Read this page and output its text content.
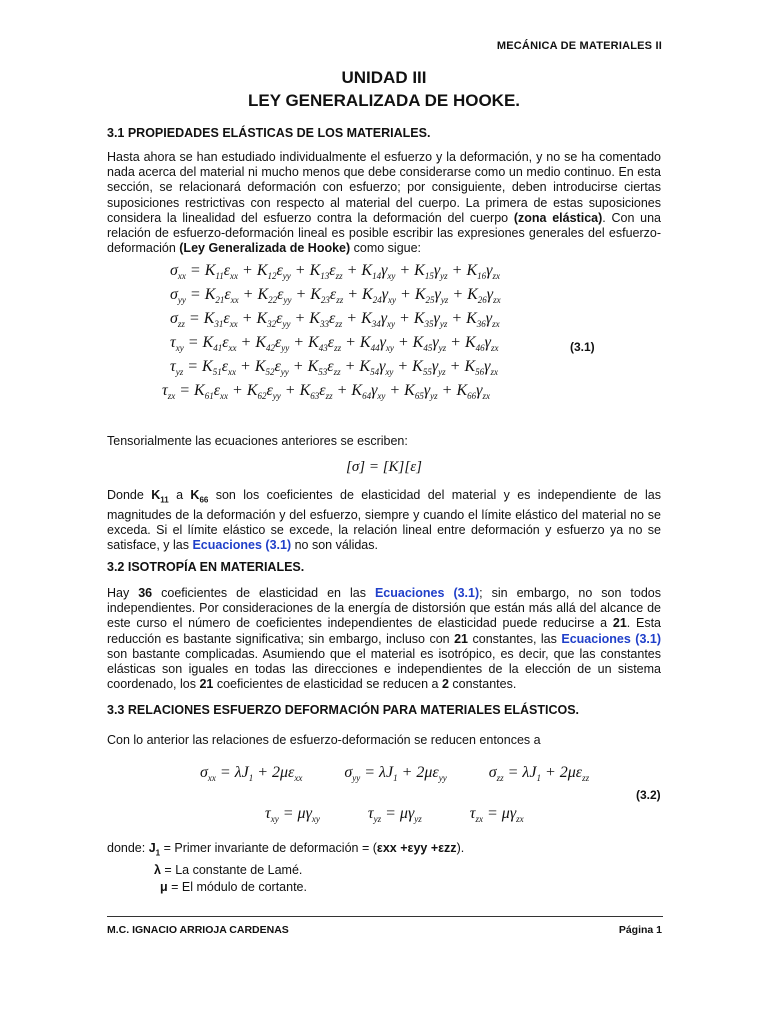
MECÁNICA DE MATERIALES II
UNIDAD III
LEY GENERALIZADA DE HOOKE.
3.1 PROPIEDADES ELÁSTICAS DE LOS MATERIALES.

Hasta ahora se han estudiado individualmente el esfuerzo y la deformación, y no se ha comentado nada acerca del material ni mucho menos que debe considerarse como un medio continuo. En esta sección, se relacionará deformación con esfuerzo; por consiguiente, deben introducirse ciertas suposiciones restrictivas con respecto al material del cuerpo. La primera de estas suposiciones considera la linealidad del esfuerzo contra la deformación del cuerpo (zona elástica). Con una relación de esfuerzo-deformación lineal es posible escribir las expresiones generales del esfuerzo-deformación (Ley Generalizada de Hooke) como sigue:

$\sigma_{xx} = K_{11}\varepsilon_{xx} + K_{12}\varepsilon_{yy} + K_{13}\varepsilon_{zz} + K_{14}\gamma_{xy} + K_{15}\gamma_{yz} + K_{16}\gamma_{zx}$
$\sigma_{yy} = K_{21}\varepsilon_{xx} + K_{22}\varepsilon_{yy} + K_{23}\varepsilon_{zz} + K_{24}\gamma_{xy} + K_{25}\gamma_{yz} + K_{26}\gamma_{zx}$
$\sigma_{zz} = K_{31}\varepsilon_{xx} + K_{32}\varepsilon_{yy} + K_{33}\varepsilon_{zz} + K_{34}\gamma_{xy} + K_{35}\gamma_{yz} + K_{36}\gamma_{zx}$
$\tau_{xy} = K_{41}\varepsilon_{xx} + K_{42}\varepsilon_{yy} + K_{43}\varepsilon_{zz} + K_{44}\gamma_{xy} + K_{45}\gamma_{yz} + K_{46}\gamma_{zx}$
$\tau_{yz} = K_{51}\varepsilon_{xx} + K_{52}\varepsilon_{yy} + K_{53}\varepsilon_{zz} + K_{54}\gamma_{xy} + K_{55}\gamma_{yz} + K_{56}\gamma_{zx}$
$\tau_{zx} = K_{61}\varepsilon_{xx} + K_{62}\varepsilon_{yy} + K_{63}\varepsilon_{zz} + K_{64}\gamma_{xy} + K_{65}\gamma_{yz} + K_{66}\gamma_{zx}$
(3.1)
Tensorialmente las ecuaciones anteriores se escriben:
[σ] = [K][ε]

Donde $K_{11}$ a $K_{66}$ son los coeficientes de elasticidad del material y es independiente de las magnitudes de la deformación y del esfuerzo, siempre y cuando el límite elástico del material no se exceda. Si el límite elástico se excede, la relación lineal entre deformación y esfuerzo ya no se satisface, y las Ecuaciones (3.1) no son válidas.

3.2 ISOTROPÍA EN MATERIALES.

Hay 36 coeficientes de elasticidad en las Ecuaciones (3.1); sin embargo, no son todos independientes. Por consideraciones de la energía de distorsión que están más allá del alcance de este curso el número de coeficientes independientes de elasticidad puede reducirse a 21. Esta reducción es bastante significativa; sin embargo, incluso con 21 constantes, las Ecuaciones (3.1) son bastante complicadas. Asumiendo que el material es isotrópico, es decir, que las constantes elásticas son iguales en todas las direcciones e independientes de la elección de un sistema coordenado, los 21 coeficientes de elasticidad se reducen a 2 constantes.

3.3 RELACIONES ESFUERZO DEFORMACIÓN PARA MATERIALES ELÁSTICOS.
Con lo anterior las relaciones de esfuerzo-deformación se reducen entonces a
$\sigma_{xx} = \lambda J_1 + 2\mu\varepsilon_{xx}$  $\sigma_{yy} = \lambda J_1 + 2\mu\varepsilon_{yy}$  $\sigma_{zz} = \lambda J_1 + 2\mu\varepsilon_{zz}$
$\tau_{xy} = \mu\gamma_{xy}$	$\tau_{yz} = \mu\gamma_{yz}$	$\tau_{zx} = \mu\gamma_{zx}$
(3.2)
donde: $J_1$ = Primer invariante de deformación = (εxx +εyy +εzz).
λ = La constante de Lamé.
μ = El módulo de cortante.
M.C. IGNACIO ARRIOJA CARDENAS	Página 1
